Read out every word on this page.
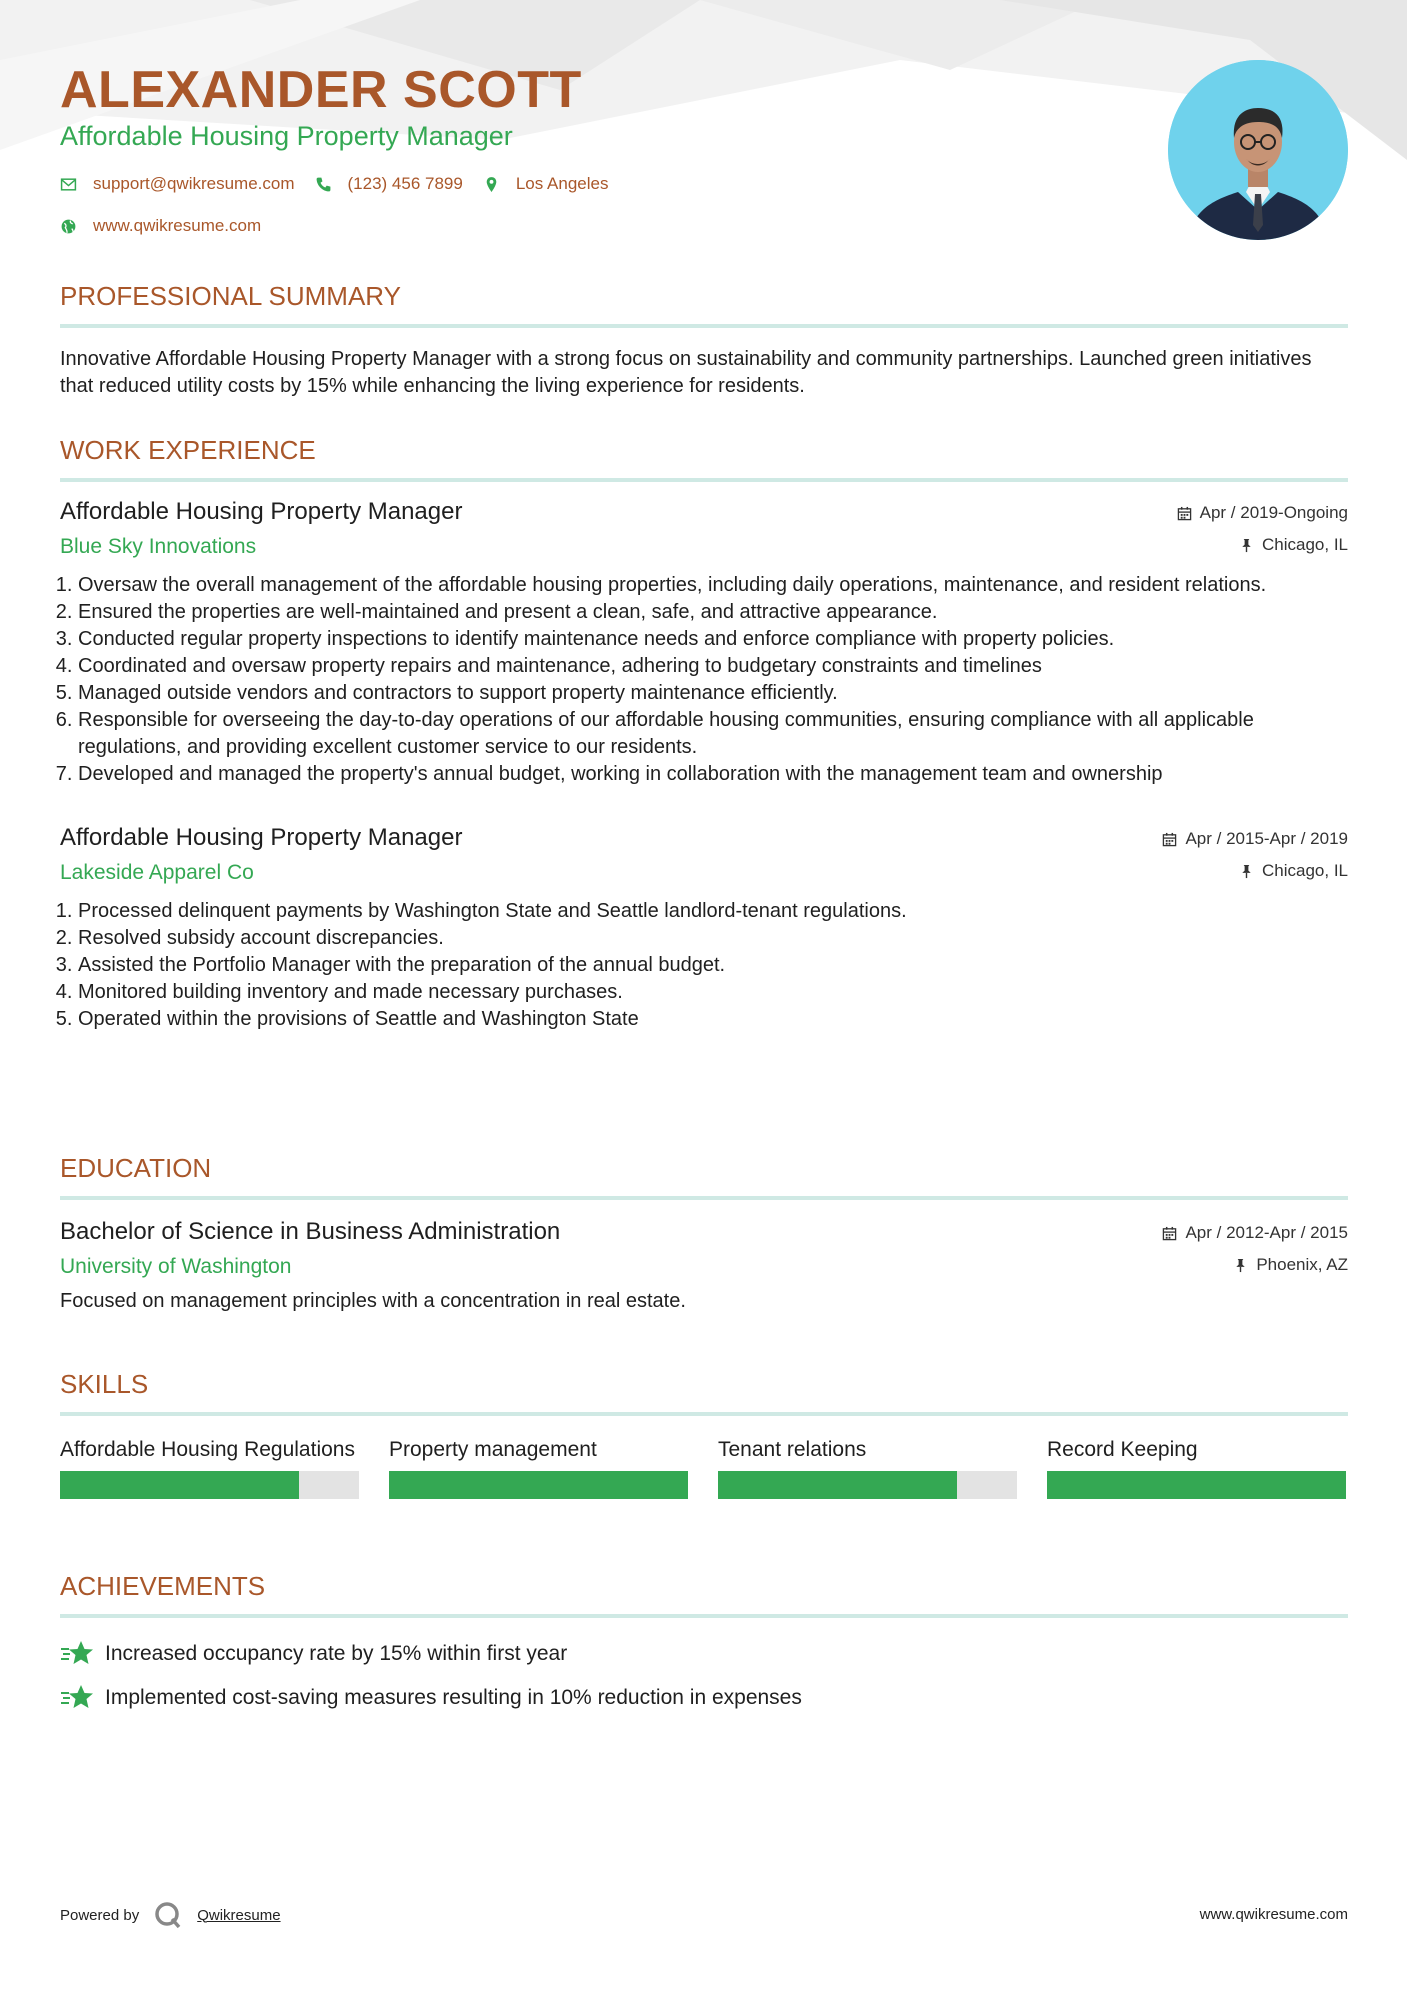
ALEXANDER SCOTT
Affordable Housing Property Manager
support@qwikresume.com	(123) 456 7899	Los Angeles
www.qwikresume.com
PROFESSIONAL SUMMARY
Innovative Affordable Housing Property Manager with a strong focus on sustainability and community partnerships. Launched green initiatives that reduced utility costs by 15% while enhancing the living experience for residents.
WORK EXPERIENCE
Affordable Housing Property Manager
Blue Sky Innovations
Apr / 2019-Ongoing
Chicago, IL
1. Oversaw the overall management of the affordable housing properties, including daily operations, maintenance, and resident relations.
2. Ensured the properties are well-maintained and present a clean, safe, and attractive appearance.
3. Conducted regular property inspections to identify maintenance needs and enforce compliance with property policies.
4. Coordinated and oversaw property repairs and maintenance, adhering to budgetary constraints and timelines
5. Managed outside vendors and contractors to support property maintenance efficiently.
6. Responsible for overseeing the day-to-day operations of our affordable housing communities, ensuring compliance with all applicable regulations, and providing excellent customer service to our residents.
7. Developed and managed the property's annual budget, working in collaboration with the management team and ownership
Affordable Housing Property Manager
Lakeside Apparel Co
Apr / 2015-Apr / 2019
Chicago, IL
1. Processed delinquent payments by Washington State and Seattle landlord-tenant regulations.
2. Resolved subsidy account discrepancies.
3. Assisted the Portfolio Manager with the preparation of the annual budget.
4. Monitored building inventory and made necessary purchases.
5. Operated within the provisions of Seattle and Washington State
EDUCATION
Bachelor of Science in Business Administration
University of Washington
Apr / 2012-Apr / 2015
Phoenix, AZ
Focused on management principles with a concentration in real estate.
SKILLS
Affordable Housing Regulations Property management	Tenant relations	Record Keeping
ACHIEVEMENTS
Increased occupancy rate by 15% within first year
Implemented cost-saving measures resulting in 10% reduction in expenses
Powered by	Qwikresume	www.qwikresume.com
